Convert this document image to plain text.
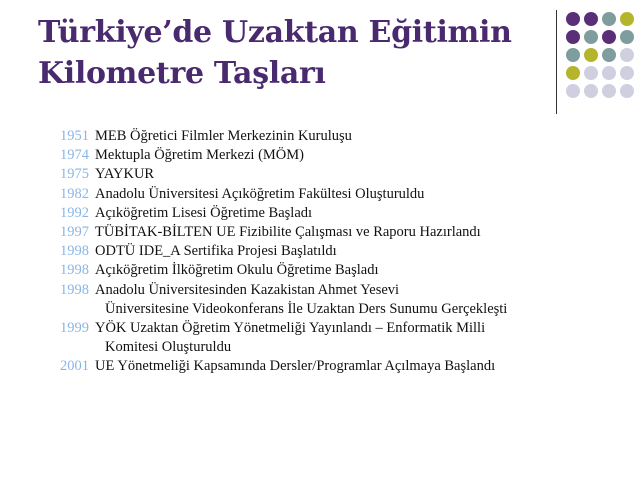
Türkiye’de Uzaktan Eğitimin
Kilometre Taşları
1951 MEB Öğretici Filmler Merkezinin Kuruluşu
1974 Mektupla Öğretim Merkezi (MÖM)
1975 YAYKUR
1982 Anadolu Üniversitesi Açıköğretim Fakültesi Oluşturuldu
1992 Açıköğretim Lisesi Öğretime Başladı
1997 TÜBİTAK-BİLTEN UE Fizibilite Çalışması ve Raporu Hazırlandı
1998 ODTÜ IDE_A Sertifika Projesi Başlatıldı
1998 Açıköğretim İlköğretim Okulu Öğretime Başladı
1998 Anadolu Üniversitesinden Kazakistan Ahmet Yesevi
Üniversitesine Videokonferans İle Uzaktan Ders Sunumu Gerçekleşti
1999 YÖK Uzaktan Öğretim Yönetmeliği Yayınlandı – Enformatik Milli
Komitesi Oluşturuldu
2001 UE Yönetmeliği Kapsamında Dersler/Programlar Açılmaya Başlandı
